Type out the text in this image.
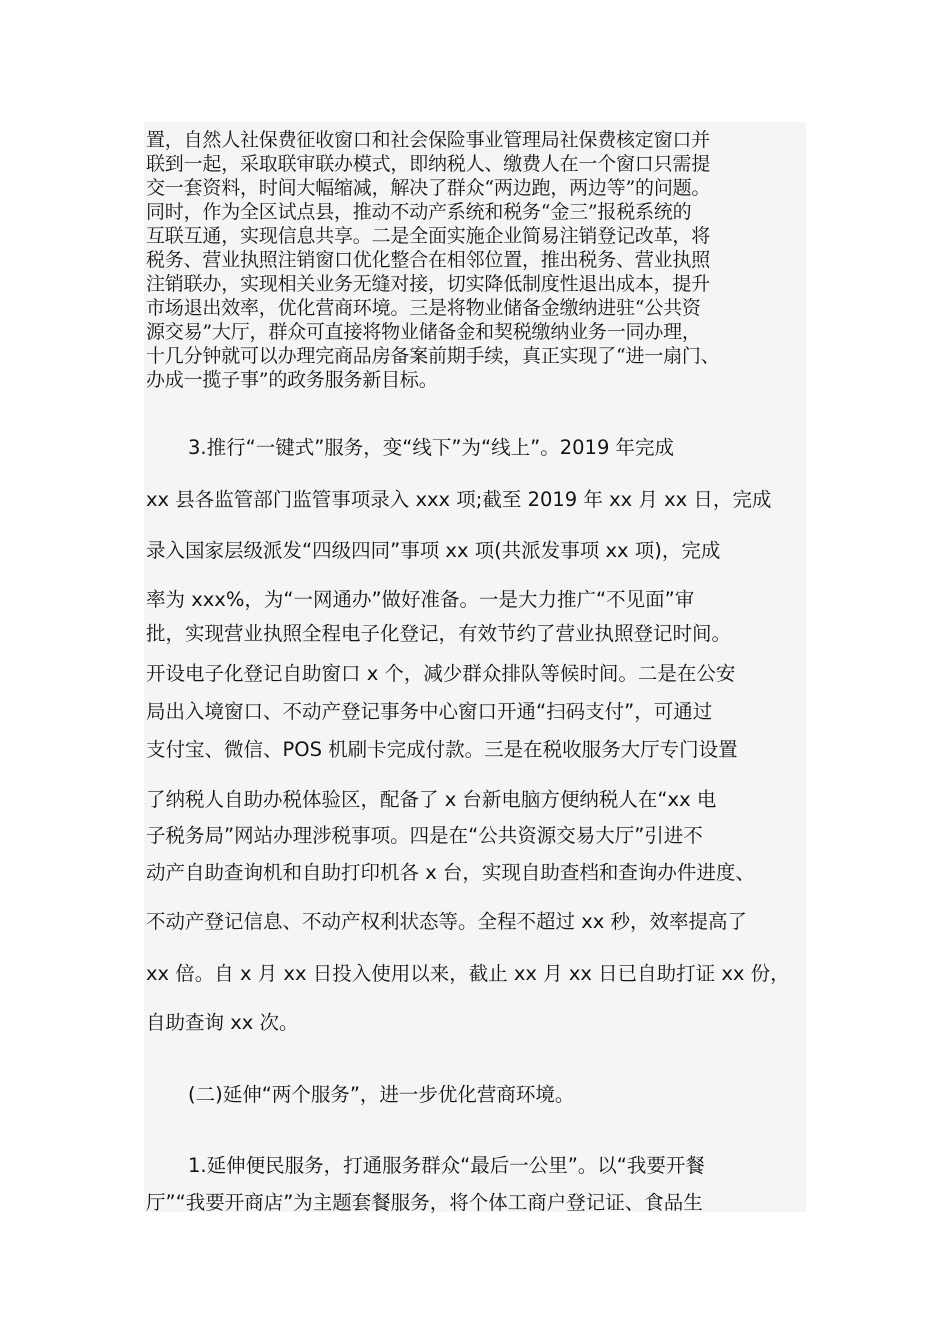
置，自然人社保费征收窗口和社会保险事业管理局社保费核定窗口并
联到一起，采取联审联办模式，即纳税人、缴费人在一个窗口只需提
交一套资料，时间大幅缩减，解决了群众“两边跑，两边等”的问题。
同时，作为全区试点县，推动不动产系统和税务“金三”报税系统的
互联互通，实现信息共享。二是全面实施企业简易注销登记改革，将
税务、营业执照注销窗口优化整合在相邻位置，推出税务、营业执照
注销联办，实现相关业务无缝对接，切实降低制度性退出成本，提升
市场退出效率，优化营商环境。三是将物业储备金缴纳进驻“公共资
源交易”大厅，群众可直接将物业储备金和契税缴纳业务一同办理，
十几分钟就可以办理完商品房备案前期手续，真正实现了“进一扇门、
办成一揽子事”的政务服务新目标。
3.推行“一键式”服务，变“线下”为“线上”。2019 年完成
xx 县各监管部门监管事项录入 xxx 项;截至 2019 年 xx 月 xx 日，完成
录入国家层级派发“四级四同”事项 xx 项(共派发事项 xx 项)，完成
率为 xxx%，为“一网通办”做好准备。一是大力推广“不见面”审
批，实现营业执照全程电子化登记，有效节约了营业执照登记时间。
开设电子化登记自助窗口 x 个，减少群众排队等候时间。二是在公安
局出入境窗口、不动产登记事务中心窗口开通“扫码支付”，可通过
支付宝、微信、POS 机刷卡完成付款。三是在税收服务大厅专门设置
了纳税人自助办税体验区，配备了 x 台新电脑方便纳税人在“xx 电
子税务局”网站办理涉税事项。四是在“公共资源交易大厅”引进不
动产自助查询机和自助打印机各 x 台，实现自助查档和查询办件进度、
不动产登记信息、不动产权利状态等。全程不超过 xx 秒，效率提高了
xx 倍。自 x 月 xx 日投入使用以来，截止 xx 月 xx 日已自助打证 xx 份，
自助查询 xx 次。
(二)延伸“两个服务”，进一步优化营商环境。
1.延伸便民服务，打通服务群众“最后一公里”。以“我要开餐
厅”“我要开商店”为主题套餐服务，将个体工商户登记证、食品生
